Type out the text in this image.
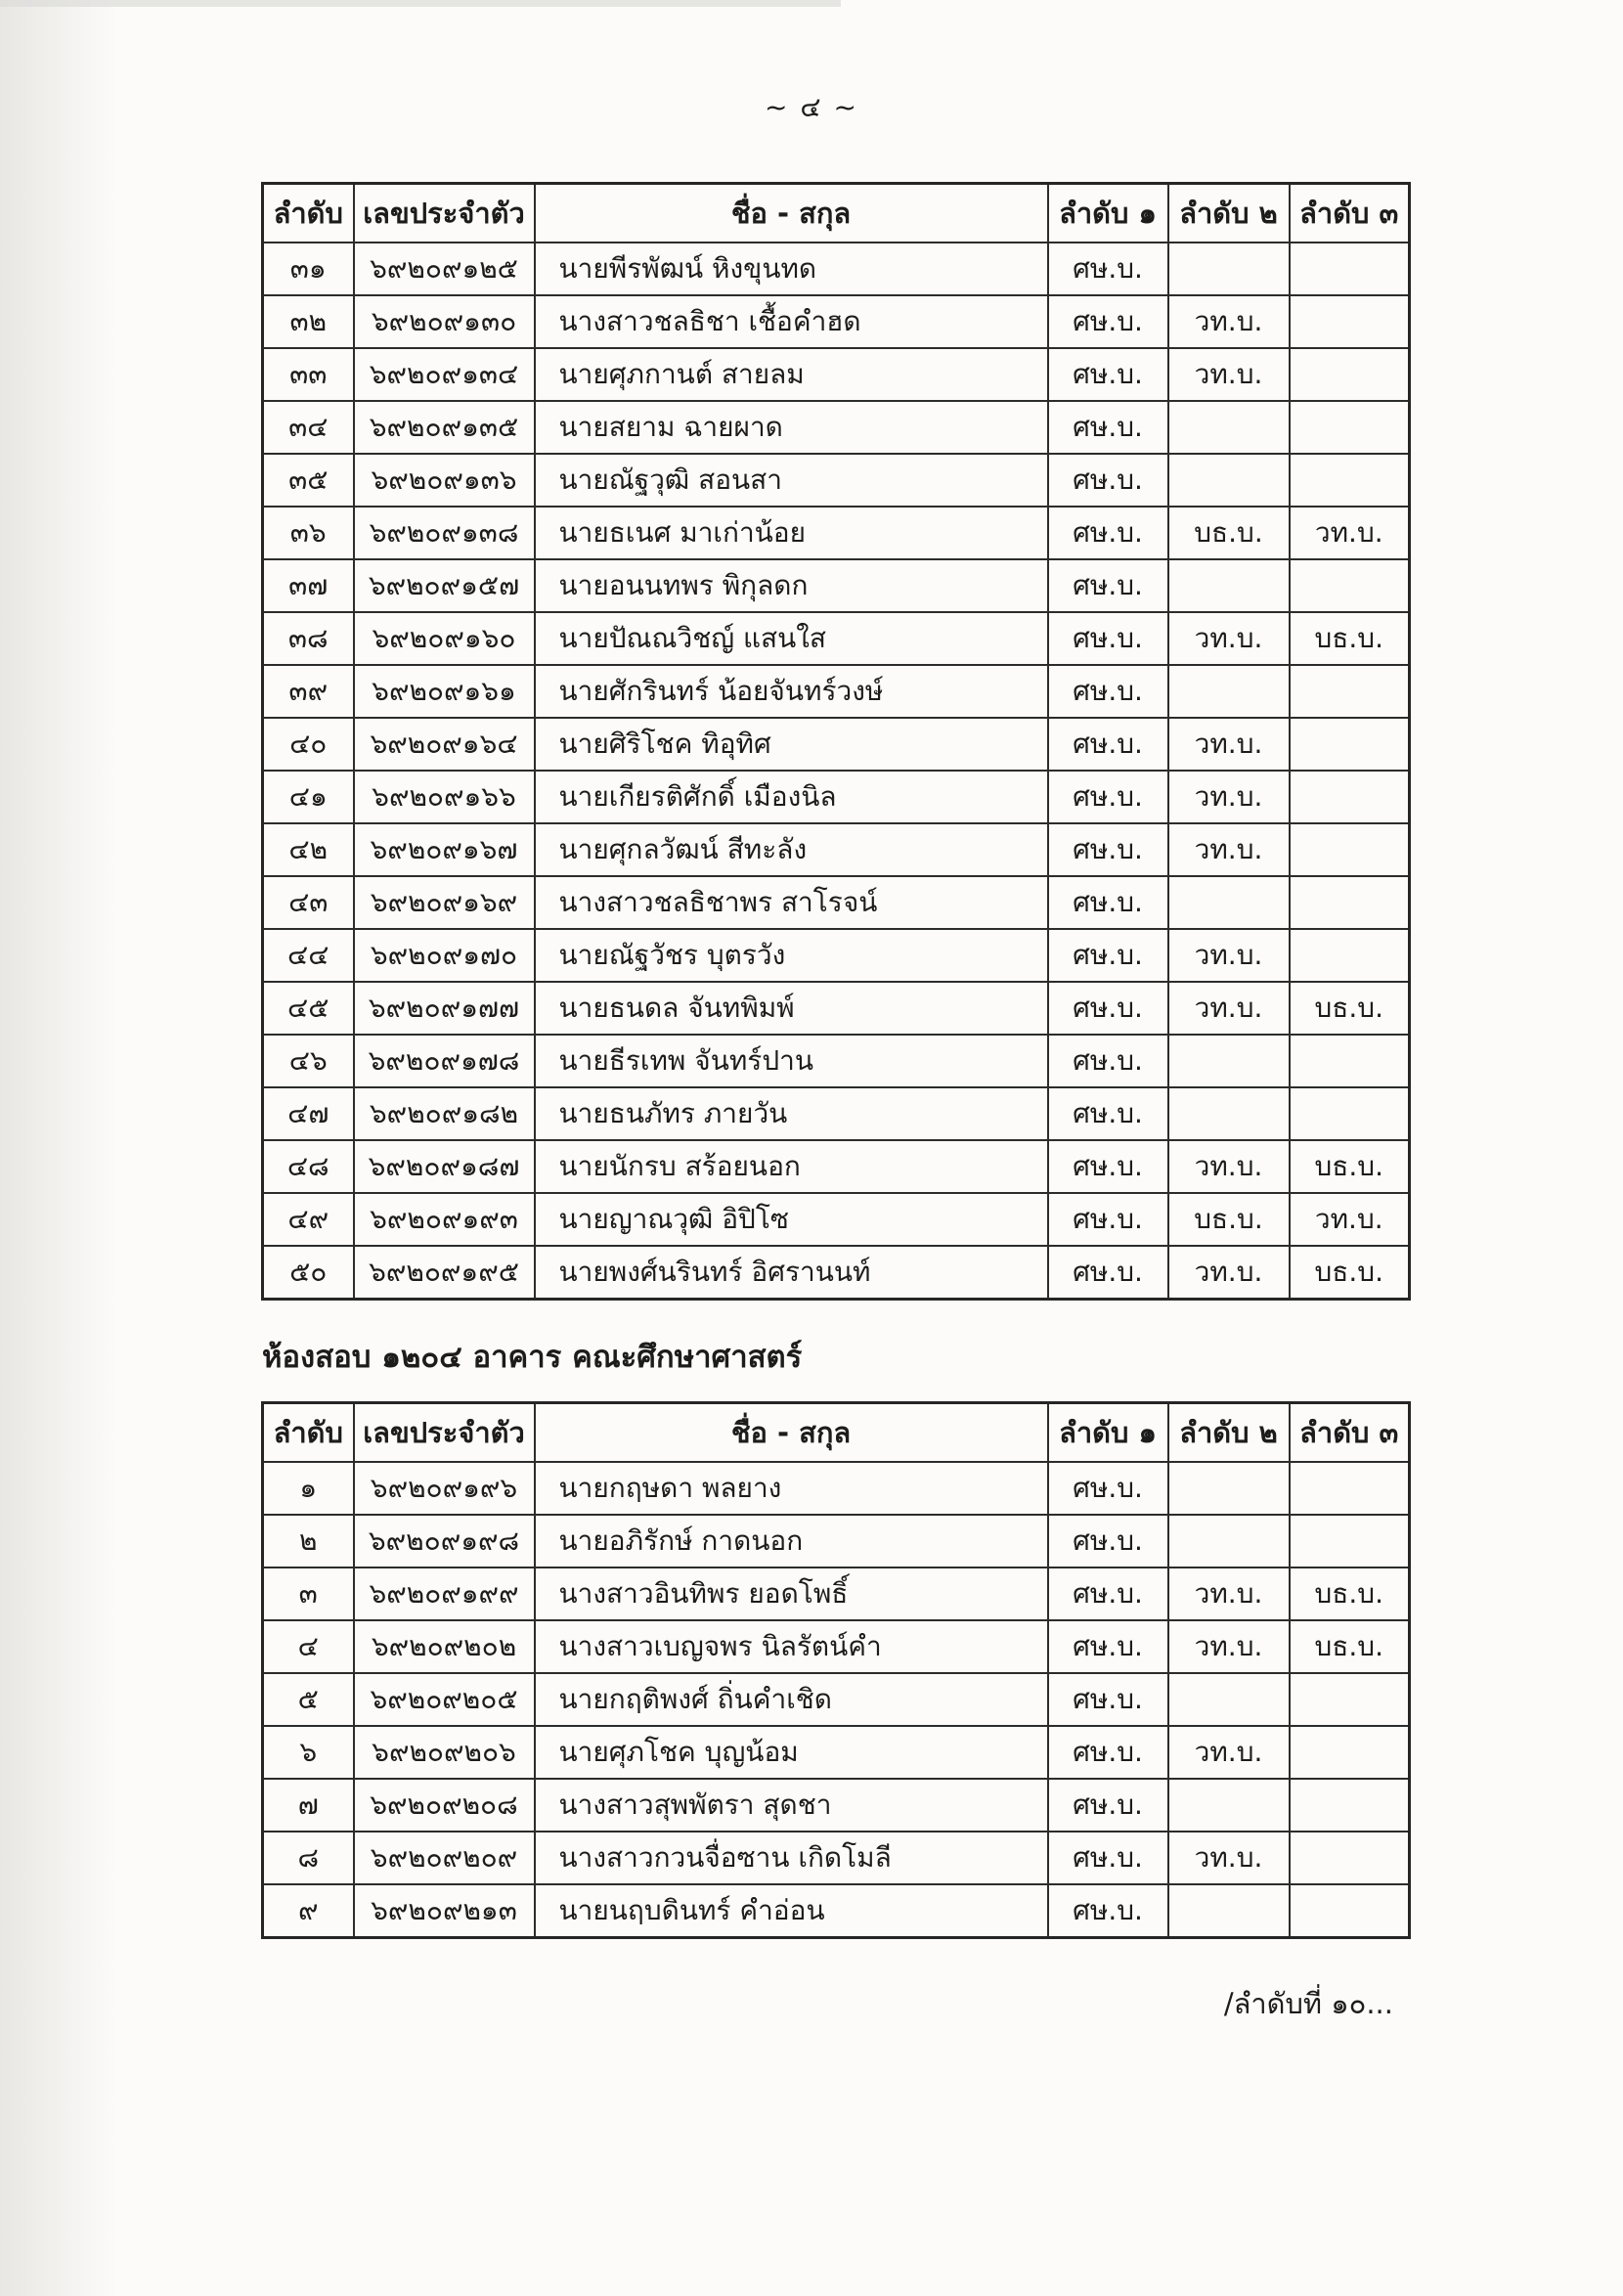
~ ๔ ~
ลำดับ	เลขประจำตัว	ชื่อ - สกุล	ลำดับ ๑	ลำดับ ๒	ลำดับ ๓
๓๑	๖๙๒๐๙๑๒๕	นายพีรพัฒน์ หิงขุนทด	ศษ.บ.		
๓๒	๖๙๒๐๙๑๓๐	นางสาวชลธิชา เชื้อคำฮด	ศษ.บ.	วท.บ.	
๓๓	๖๙๒๐๙๑๓๔	นายศุภกานต์ สายลม	ศษ.บ.	วท.บ.	
๓๔	๖๙๒๐๙๑๓๕	นายสยาม ฉายผาด	ศษ.บ.		
๓๕	๖๙๒๐๙๑๓๖	นายณัฐวุฒิ สอนสา	ศษ.บ.		
๓๖	๖๙๒๐๙๑๓๘	นายธเนศ มาเก่าน้อย	ศษ.บ.	บธ.บ.	วท.บ.
๓๗	๖๙๒๐๙๑๕๗	นายอนนทพร พิกุลดก	ศษ.บ.		
๓๘	๖๙๒๐๙๑๖๐	นายปัณณวิชญ์ แสนใส	ศษ.บ.	วท.บ.	บธ.บ.
๓๙	๖๙๒๐๙๑๖๑	นายศักรินทร์ น้อยจันทร์วงษ์	ศษ.บ.		
๔๐	๖๙๒๐๙๑๖๔	นายศิริโชค ทิอุทิศ	ศษ.บ.	วท.บ.	
๔๑	๖๙๒๐๙๑๖๖	นายเกียรติศักดิ์ เมืองนิล	ศษ.บ.	วท.บ.	
๔๒	๖๙๒๐๙๑๖๗	นายศุกลวัฒน์ สีทะลัง	ศษ.บ.	วท.บ.	
๔๓	๖๙๒๐๙๑๖๙	นางสาวชลธิชาพร สาโรจน์	ศษ.บ.		
๔๔	๖๙๒๐๙๑๗๐	นายณัฐวัชร บุตรวัง	ศษ.บ.	วท.บ.	
๔๕	๖๙๒๐๙๑๗๗	นายธนดล จันทพิมพ์	ศษ.บ.	วท.บ.	บธ.บ.
๔๖	๖๙๒๐๙๑๗๘	นายธีรเทพ จันทร์ปาน	ศษ.บ.		
๔๗	๖๙๒๐๙๑๘๒	นายธนภัทร ภายวัน	ศษ.บ.		
๔๘	๖๙๒๐๙๑๘๗	นายนักรบ สร้อยนอก	ศษ.บ.	วท.บ.	บธ.บ.
๔๙	๖๙๒๐๙๑๙๓	นายญาณวุฒิ อิปิโซ	ศษ.บ.	บธ.บ.	วท.บ.
๕๐	๖๙๒๐๙๑๙๕	นายพงศ์นรินทร์ อิศรานนท์	ศษ.บ.	วท.บ.	บธ.บ.
ห้องสอบ ๑๒๐๔ อาคาร คณะศึกษาศาสตร์
ลำดับ	เลขประจำตัว	ชื่อ - สกุล	ลำดับ ๑	ลำดับ ๒	ลำดับ ๓
๑	๖๙๒๐๙๑๙๖	นายกฤษดา พลยาง	ศษ.บ.		
๒	๖๙๒๐๙๑๙๘	นายอภิรักษ์ กาดนอก	ศษ.บ.		
๓	๖๙๒๐๙๑๙๙	นางสาวอินทิพร ยอดโพธิ์	ศษ.บ.	วท.บ.	บธ.บ.
๔	๖๙๒๐๙๒๐๒	นางสาวเบญจพร นิลรัตน์คำ	ศษ.บ.	วท.บ.	บธ.บ.
๕	๖๙๒๐๙๒๐๕	นายกฤติพงศ์ ถิ่นคำเชิด	ศษ.บ.		
๖	๖๙๒๐๙๒๐๖	นายศุภโชค บุญน้อม	ศษ.บ.	วท.บ.	
๗	๖๙๒๐๙๒๐๘	นางสาวสุพพัตรา สุดชา	ศษ.บ.		
๘	๖๙๒๐๙๒๐๙	นางสาวกวนจื่อซาน เกิดโมลี	ศษ.บ.	วท.บ.	
๙	๖๙๒๐๙๒๑๓	นายนฤบดินทร์ คำอ่อน	ศษ.บ.		
/ลำดับที่ ๑๐...
